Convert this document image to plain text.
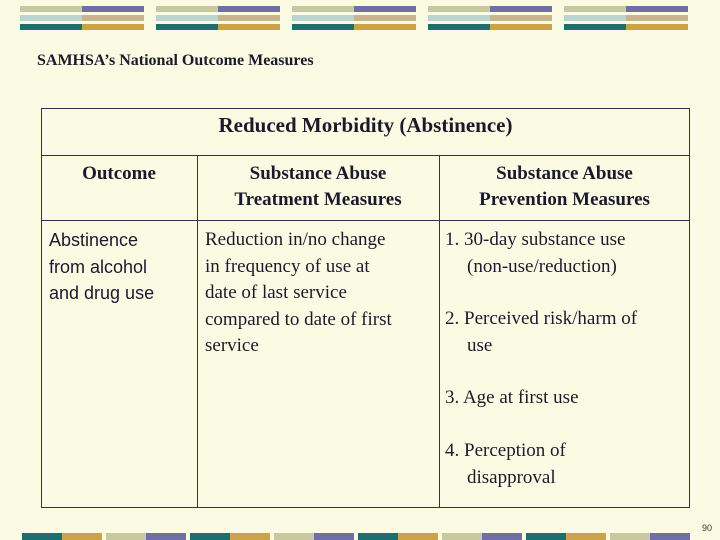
SAMHSA’s National Outcome Measures
Reduced Morbidity (Abstinence)
Outcome	Substance Abuse
Treatment Measures
Substance Abuse
Prevention Measures
Abstinence
from alcohol
and drug use
Reduction in/no change
in frequency of use at
date of last service
compared to date of first
service
1. 30-day substance use
(non-use/reduction)
2. Perceived risk/harm of
use
3. Age at first use
4. Perception of
disapproval
90
